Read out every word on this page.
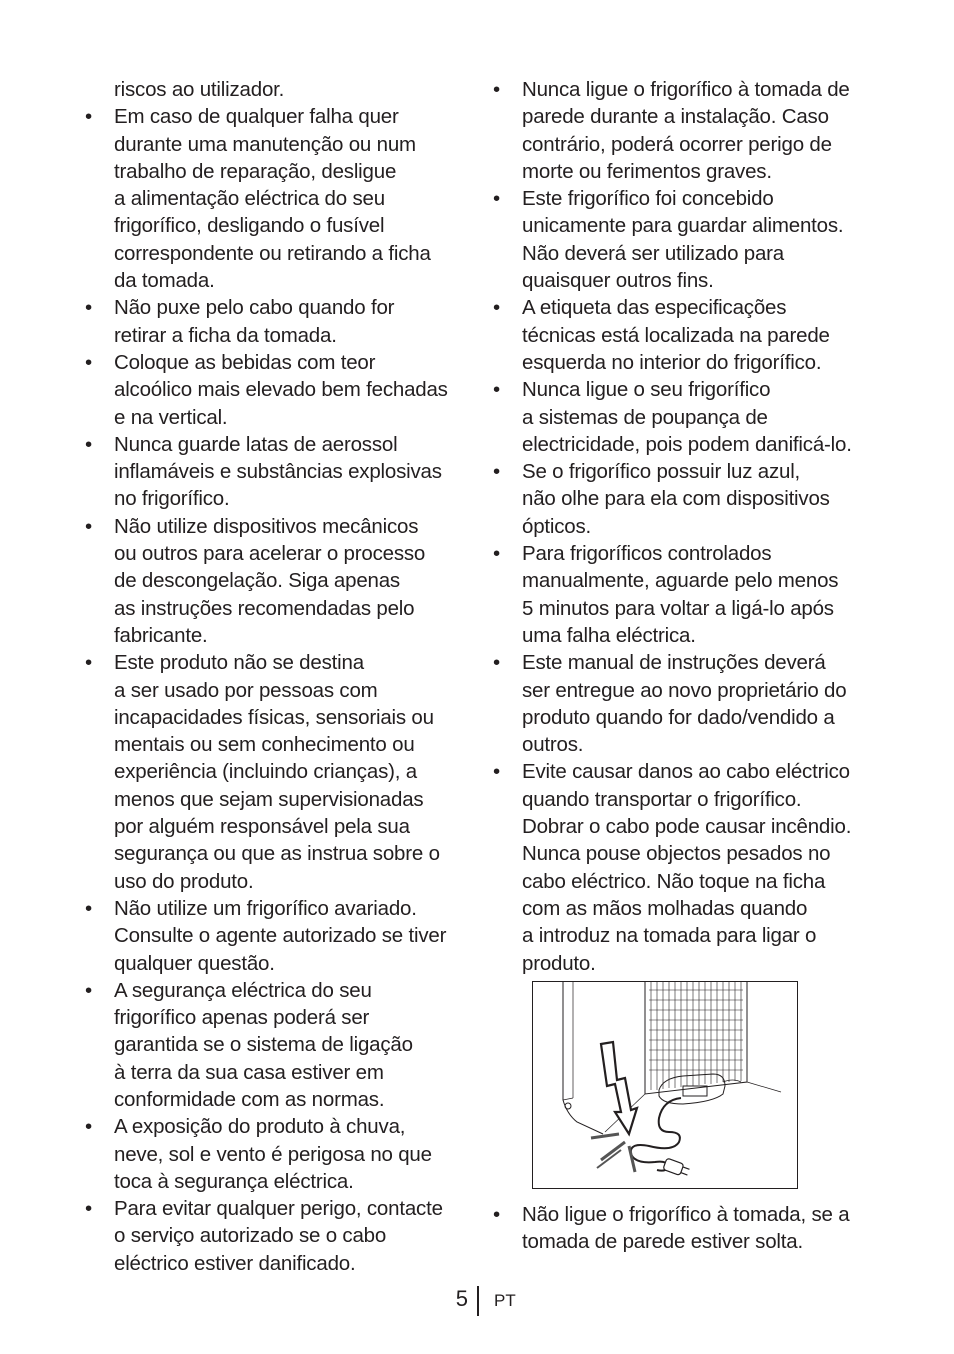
riscos ao utilizador.

• Em caso de qualquer falha quer
durante uma manutenção ou num
trabalho de reparação, desligue
a alimentação eléctrica do seu
frigorífico, desligando o fusível
correspondente ou retirando a ficha
da tomada.
• Não puxe pelo cabo quando for
retirar a ficha da tomada.
• Coloque as bebidas com teor
alcoólico mais elevado bem fechadas
e na vertical.
• Nunca guarde latas de aerossol
inflamáveis e substâncias explosivas
no frigorífico.
• Não utilize dispositivos mecânicos
ou outros para acelerar o processo
de descongelação. Siga apenas
as instruções recomendadas pelo
fabricante.
• Este produto não se destina
a ser usado por pessoas com
incapacidades físicas, sensoriais ou
mentais ou sem conhecimento ou
experiência (incluindo crianças), a
menos que sejam supervisionadas
por alguém responsável pela sua
segurança ou que as instrua sobre o
uso do produto.
• Não utilize um frigorífico avariado.
Consulte o agente autorizado se tiver
qualquer questão.
• A segurança eléctrica do seu
frigorífico apenas poderá ser
garantida se o sistema de ligação
à terra da sua casa estiver em
conformidade com as normas.
• A exposição do produto à chuva,
neve, sol e vento é perigosa no que
toca à segurança eléctrica.
• Para evitar qualquer perigo, contacte
o serviço autorizado se o cabo
eléctrico estiver danificado.
• Nunca ligue o frigorífico à tomada de
parede durante a instalação. Caso
contrário, poderá ocorrer perigo de
morte ou ferimentos graves.
• Este frigorífico foi concebido
unicamente para guardar alimentos.
Não deverá ser utilizado para
quaisquer outros fins.
• A etiqueta das especificações
técnicas está localizada na parede
esquerda no interior do frigorífico.
• Nunca ligue o seu frigorífico
a sistemas de poupança de
electricidade, pois podem danificá-lo.
• Se o frigorífico possuir luz azul,
não olhe para ela com dispositivos
ópticos.
• Para frigoríficos controlados
manualmente, aguarde pelo menos
5 minutos para voltar a ligá-lo após
uma falha eléctrica.
• Este manual de instruções deverá
ser entregue ao novo proprietário do
produto quando for dado/vendido a
outros.
• Evite causar danos ao cabo eléctrico
quando transportar o frigorífico.
Dobrar o cabo pode causar incêndio.
Nunca pouse objectos pesados no
cabo eléctrico. Não toque na ficha
com as mãos molhadas quando
a introduz na tomada para ligar o
produto.
• Não ligue o frigorífico à tomada, se a
tomada de parede estiver solta.
5 PT
